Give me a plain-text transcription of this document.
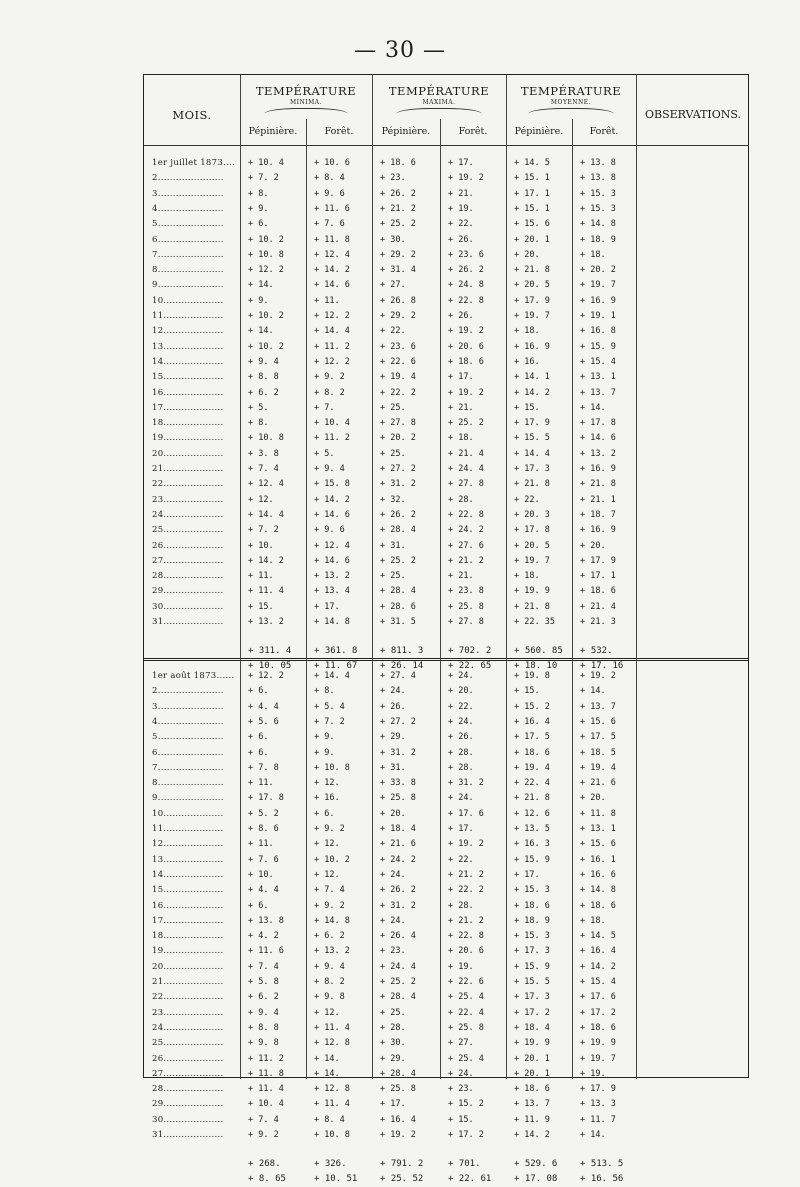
— 30 —
MOIS.	OBSERVATIONS.
TEMPÉRATURE
MINIMA.
Pépinière.	Forêt.
TEMPÉRATURE
MAXIMA.
Pépinière.	Forêt.
TEMPÉRATURE
MOYENNE.
Pépinière.	Forêt.
1er juillet 1873....	+ 10. 4	+ 10. 6	+ 18. 6	+ 17.	+ 14. 5	+ 13. 8
2......................	+ 7. 2	+ 8. 4	+ 23.	+ 19. 2	+ 15. 1	+ 13. 8
3......................	+ 8.	+ 9. 6	+ 26. 2	+ 21.	+ 17. 1	+ 15. 3
4......................	+ 9.	+ 11. 6	+ 21. 2	+ 19.	+ 15. 1	+ 15. 3
5......................	+ 6.	+ 7. 6	+ 25. 2	+ 22.	+ 15. 6	+ 14. 8
6......................	+ 10. 2	+ 11. 8	+ 30.	+ 26.	+ 20. 1	+ 18. 9
7......................	+ 10. 8	+ 12. 4	+ 29. 2	+ 23. 6	+ 20.	+ 18.
8......................	+ 12. 2	+ 14. 2	+ 31. 4	+ 26. 2	+ 21. 8	+ 20. 2
9......................	+ 14.	+ 14. 6	+ 27.	+ 24. 8	+ 20. 5	+ 19. 7
10....................	+ 9.	+ 11.	+ 26. 8	+ 22. 8	+ 17. 9	+ 16. 9
11....................	+ 10. 2	+ 12. 2	+ 29. 2	+ 26.	+ 19. 7	+ 19. 1
12....................	+ 14.	+ 14. 4	+ 22.	+ 19. 2	+ 18.	+ 16. 8
13....................	+ 10. 2	+ 11. 2	+ 23. 6	+ 20. 6	+ 16. 9	+ 15. 9
14....................	+ 9. 4	+ 12. 2	+ 22. 6	+ 18. 6	+ 16.	+ 15. 4
15....................	+ 8. 8	+ 9. 2	+ 19. 4	+ 17.	+ 14. 1	+ 13. 1
16....................	+ 6. 2	+ 8. 2	+ 22. 2	+ 19. 2	+ 14. 2	+ 13. 7
17....................	+ 5.	+ 7.	+ 25.	+ 21.	+ 15.	+ 14.
18....................	+ 8.	+ 10. 4	+ 27. 8	+ 25. 2	+ 17. 9	+ 17. 8
19....................	+ 10. 8	+ 11. 2	+ 20. 2	+ 18.	+ 15. 5	+ 14. 6
20....................	+ 3. 8	+ 5.	+ 25.	+ 21. 4	+ 14. 4	+ 13. 2
21....................	+ 7. 4	+ 9. 4	+ 27. 2	+ 24. 4	+ 17. 3	+ 16. 9
22....................	+ 12. 4	+ 15. 8	+ 31. 2	+ 27. 8	+ 21. 8	+ 21. 8
23....................	+ 12.	+ 14. 2	+ 32.	+ 28.	+ 22.	+ 21. 1
24....................	+ 14. 4	+ 14. 6	+ 26. 2	+ 22. 8	+ 20. 3	+ 18. 7
25....................	+ 7. 2	+ 9. 6	+ 28. 4	+ 24. 2	+ 17. 8	+ 16. 9
26....................	+ 10.	+ 12. 4	+ 31.	+ 27. 6	+ 20. 5	+ 20.
27....................	+ 14. 2	+ 14. 6	+ 25. 2	+ 21. 2	+ 19. 7	+ 17. 9
28....................	+ 11.	+ 13. 2	+ 25.	+ 21.	+ 18.	+ 17. 1
29....................	+ 11. 4	+ 13. 4	+ 28. 4	+ 23. 8	+ 19. 9	+ 18. 6
30....................	+ 15.	+ 17.	+ 28. 6	+ 25. 8	+ 21. 8	+ 21. 4
31....................	+ 13. 2	+ 14. 8	+ 31. 5	+ 27. 8	+ 22. 35	+ 21. 3
+ 311. 4	+ 361. 8	+ 811. 3	+ 702. 2	+ 560. 85	+ 532.
+ 10. 05	+ 11. 67	+ 26. 14	+ 22. 65	+ 18. 10	+ 17. 16
1er août 1873......	+ 12. 2	+ 14. 4	+ 27. 4	+ 24.	+ 19. 8	+ 19. 2
2......................	+ 6.	+ 8.	+ 24.	+ 20.	+ 15.	+ 14.
3......................	+ 4. 4	+ 5. 4	+ 26.	+ 22.	+ 15. 2	+ 13. 7
4......................	+ 5. 6	+ 7. 2	+ 27. 2	+ 24.	+ 16. 4	+ 15. 6
5......................	+ 6.	+ 9.	+ 29.	+ 26.	+ 17. 5	+ 17. 5
6......................	+ 6.	+ 9.	+ 31. 2	+ 28.	+ 18. 6	+ 18. 5
7......................	+ 7. 8	+ 10. 8	+ 31.	+ 28.	+ 19. 4	+ 19. 4
8......................	+ 11.	+ 12.	+ 33. 8	+ 31. 2	+ 22. 4	+ 21. 6
9......................	+ 17. 8	+ 16.	+ 25. 8	+ 24.	+ 21. 8	+ 20.
10....................	+ 5. 2	+ 6.	+ 20.	+ 17. 6	+ 12. 6	+ 11. 8
11....................	+ 8. 6	+ 9. 2	+ 18. 4	+ 17.	+ 13. 5	+ 13. 1
12....................	+ 11.	+ 12.	+ 21. 6	+ 19. 2	+ 16. 3	+ 15. 6
13....................	+ 7. 6	+ 10. 2	+ 24. 2	+ 22.	+ 15. 9	+ 16. 1
14....................	+ 10.	+ 12.	+ 24.	+ 21. 2	+ 17.	+ 16. 6
15....................	+ 4. 4	+ 7. 4	+ 26. 2	+ 22. 2	+ 15. 3	+ 14. 8
16....................	+ 6.	+ 9. 2	+ 31. 2	+ 28.	+ 18. 6	+ 18. 6
17....................	+ 13. 8	+ 14. 8	+ 24.	+ 21. 2	+ 18. 9	+ 18.
18....................	+ 4. 2	+ 6. 2	+ 26. 4	+ 22. 8	+ 15. 3	+ 14. 5
19....................	+ 11. 6	+ 13. 2	+ 23.	+ 20. 6	+ 17. 3	+ 16. 4
20....................	+ 7. 4	+ 9. 4	+ 24. 4	+ 19.	+ 15. 9	+ 14. 2
21....................	+ 5. 8	+ 8. 2	+ 25. 2	+ 22. 6	+ 15. 5	+ 15. 4
22....................	+ 6. 2	+ 9. 8	+ 28. 4	+ 25. 4	+ 17. 3	+ 17. 6
23....................	+ 9. 4	+ 12.	+ 25.	+ 22. 4	+ 17. 2	+ 17. 2
24....................	+ 8. 8	+ 11. 4	+ 28.	+ 25. 8	+ 18. 4	+ 18. 6
25....................	+ 9. 8	+ 12. 8	+ 30.	+ 27.	+ 19. 9	+ 19. 9
26....................	+ 11. 2	+ 14.	+ 29.	+ 25. 4	+ 20. 1	+ 19. 7
27....................	+ 11. 8	+ 14.	+ 28. 4	+ 24.	+ 20. 1	+ 19.
28....................	+ 11. 4	+ 12. 8	+ 25. 8	+ 23.	+ 18. 6	+ 17. 9
29....................	+ 10. 4	+ 11. 4	+ 17.	+ 15. 2	+ 13. 7	+ 13. 3
30....................	+ 7. 4	+ 8. 4	+ 16. 4	+ 15.	+ 11. 9	+ 11. 7
31....................	+ 9. 2	+ 10. 8	+ 19. 2	+ 17. 2	+ 14. 2	+ 14.
+ 268.	+ 326.	+ 791. 2	+ 701.	+ 529. 6	+ 513. 5
+ 8. 65	+ 10. 51	+ 25. 52	+ 22. 61	+ 17. 08	+ 16. 56
